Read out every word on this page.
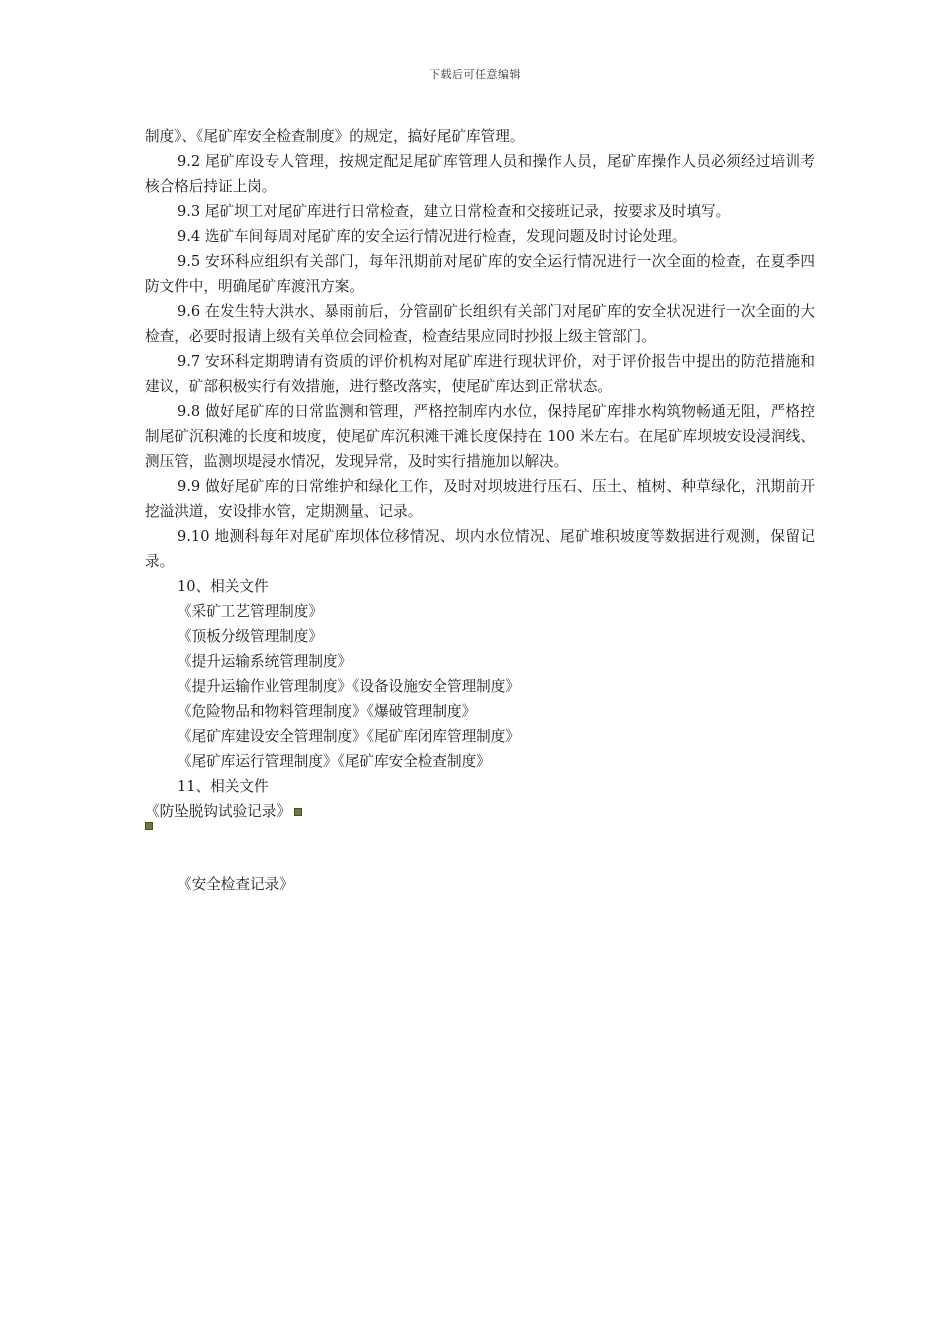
下载后可任意编辑

制度》、《尾矿库安全检查制度》的规定，搞好尾矿库管理。

9.2 尾矿库设专人管理，按规定配足尾矿库管理人员和操作人员，尾矿库操作人员必须经过培训考核合格后持证上岗。

9.3 尾矿坝工对尾矿库进行日常检查，建立日常检查和交接班记录，按要求及时填写。

9.4 选矿车间每周对尾矿库的安全运行情况进行检查，发现问题及时讨论处理。

9.5 安环科应组织有关部门，每年汛期前对尾矿库的安全运行情况进行一次全面的检查，在夏季四防文件中，明确尾矿库渡汛方案。

9.6 在发生特大洪水、暴雨前后，分管副矿长组织有关部门对尾矿库的安全状况进行一次全面的大检查，必要时报请上级有关单位会同检查，检查结果应同时抄报上级主管部门。

9.7 安环科定期聘请有资质的评价机构对尾矿库进行现状评价，对于评价报告中提出的防范措施和建议，矿部积极实行有效措施，进行整改落实，使尾矿库达到正常状态。

9.8 做好尾矿库的日常监测和管理，严格控制库内水位，保持尾矿库排水构筑物畅通无阻，严格控制尾矿沉积滩的长度和坡度，使尾矿库沉积滩干滩长度保持在 100 米左右。在尾矿库坝坡安设浸润线、测压管，监测坝堤浸水情况，发现异常，及时实行措施加以解决。

9.9 做好尾矿库的日常维护和绿化工作，及时对坝坡进行压石、压土、植树、种草绿化，汛期前开挖溢洪道，安设排水管，定期测量、记录。

9.10 地测科每年对尾矿库坝体位移情况、坝内水位情况、尾矿堆积坡度等数据进行观测，保留记录。

10、相关文件

《采矿工艺管理制度》

《顶板分级管理制度》

《提升运输系统管理制度》

《提升运输作业管理制度》《设备设施安全管理制度》

《危险物品和物料管理制度》《爆破管理制度》

《尾矿库建设安全管理制度》《尾矿库闭库管理制度》

《尾矿库运行管理制度》《尾矿库安全检查制度》

11、相关文件

《防坠脱钩试验记录》

《安全检查记录》
